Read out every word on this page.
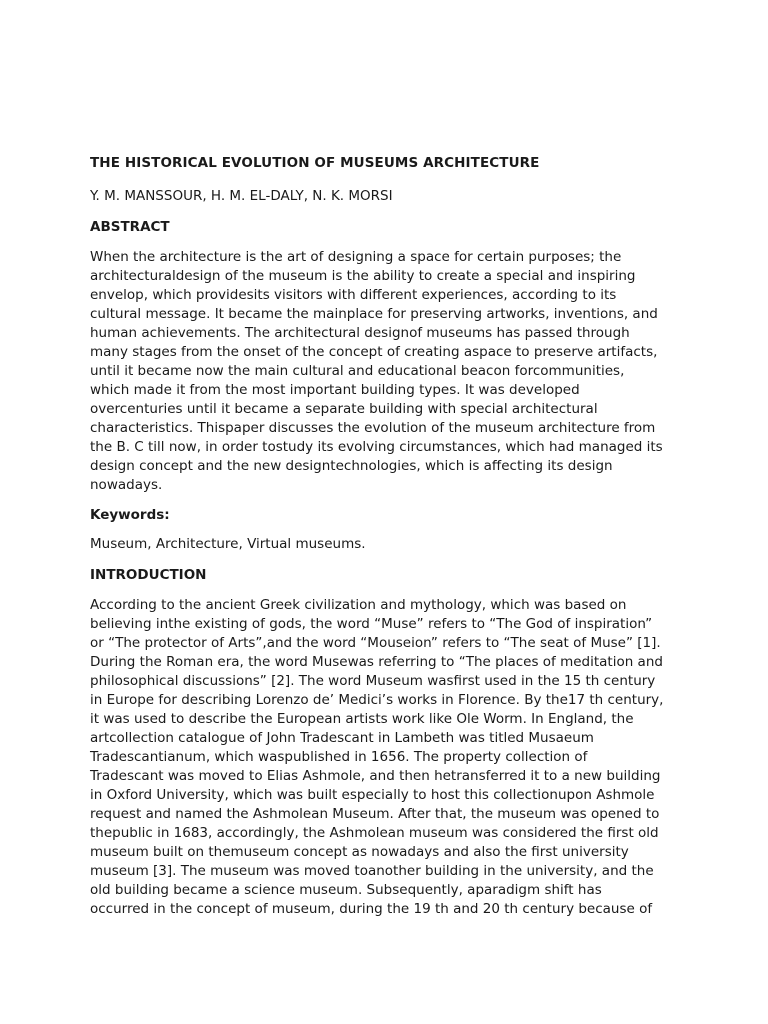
THE HISTORICAL EVOLUTION OF MUSEUMS ARCHITECTURE
Y. M. MANSSOUR, H. M. EL-DALY, N. K. MORSI
ABSTRACT
When the architecture is the art of designing a space for certain purposes; the
architecturaldesign of the museum is the ability to create a special and inspiring
envelop, which providesits visitors with different experiences, according to its
cultural message. It became the mainplace for preserving artworks, inventions, and
human achievements. The architectural designof museums has passed through
many stages from the onset of the concept of creating aspace to preserve artifacts,
until it became now the main cultural and educational beacon forcommunities,
which made it from the most important building types. It was developed
overcenturies until it became a separate building with special architectural
characteristics. Thispaper discusses the evolution of the museum architecture from
the B. C till now, in order tostudy its evolving circumstances, which had managed its
design concept and the new designtechnologies, which is affecting its design
nowadays.
Keywords:
Museum, Architecture, Virtual museums.
INTRODUCTION
According to the ancient Greek civilization and mythology, which was based on
believing inthe existing of gods, the word “Muse” refers to “The God of inspiration”
or “The protector of Arts”,and the word “Mouseion” refers to “The seat of Muse” [1].
During the Roman era, the word Musewas referring to “The places of meditation and
philosophical discussions” [2]. The word Museum wasfirst used in the 15 th century
in Europe for describing Lorenzo de’ Medici’s works in Florence. By the17 th century,
it was used to describe the European artists work like Ole Worm. In England, the
artcollection catalogue of John Tradescant in Lambeth was titled Musaeum
Tradescantianum, which waspublished in 1656. The property collection of
Tradescant was moved to Elias Ashmole, and then hetransferred it to a new building
in Oxford University, which was built especially to host this collectionupon Ashmole
request and named the Ashmolean Museum. After that, the museum was opened to
thepublic in 1683, accordingly, the Ashmolean museum was considered the first old
museum built on themuseum concept as nowadays and also the first university
museum [3]. The museum was moved toanother building in the university, and the
old building became a science museum. Subsequently, aparadigm shift has
occurred in the concept of museum, during the 19 th and 20 th century because of
